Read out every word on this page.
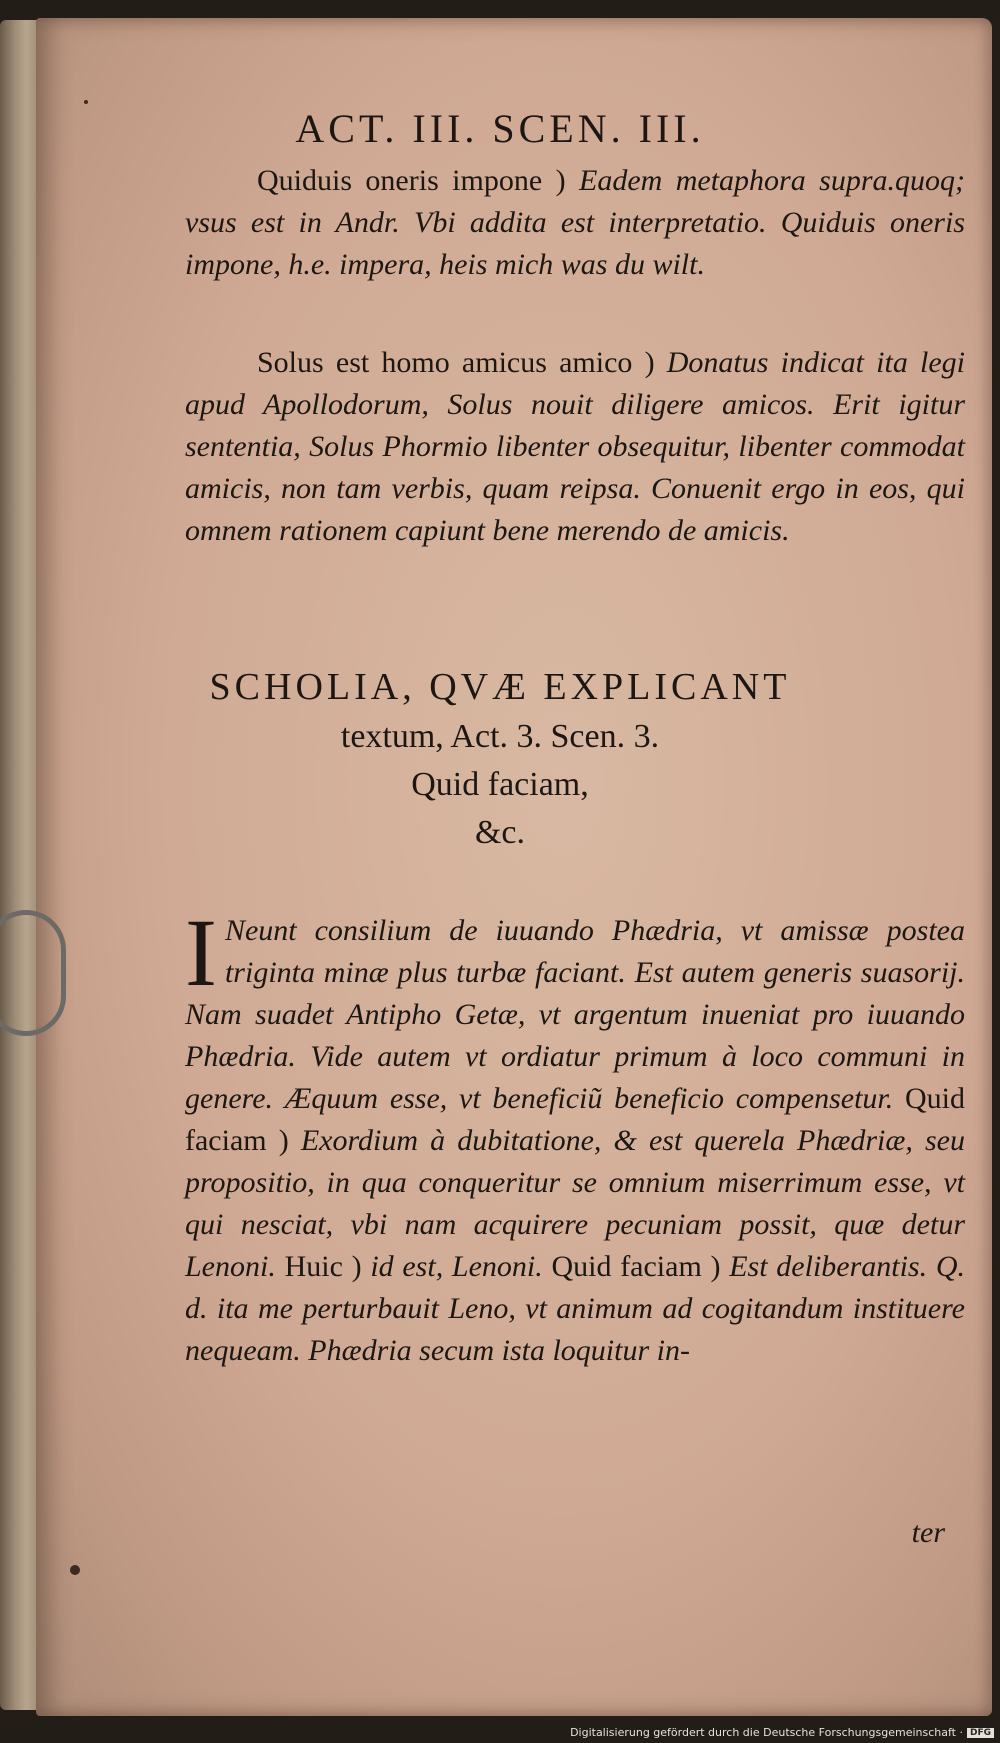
ACT. III. SCEN. III.

Quiduis oneris impone ) Eadem metaphora supra.quoq; vsus est in Andr. Vbi addita est interpretatio. Quiduis oneris impone, h.e. impera, heis mich was du wilt.

Solus est homo amicus amico ) Donatus indicat ita legi apud Apollodorum, Solus nouit diligere amicos. Erit igitur sententia, Solus Phormio libenter obsequitur, libenter commodat amicis, non tam verbis, quam reipsa. Conuenit ergo in eos, qui omnem rationem capiunt bene merendo de amicis.

SCHOLIA, QVÆ EXPLICANT
textum, Act. 3. Scen. 3.
Quid faciam,
&c.

I Neunt consilium de iuuando Phædria, vt amissæ postea triginta minæ plus turbæ faciant. Est autem generis suasorij. Nam suadet Antipho Getæ, vt argentum inueniat pro iuuando Phædria. Vide autem vt ordiatur primum à loco communi in genere. Æquum esse, vt beneficiũ beneficio compensetur. Quid faciam ) Exordium à dubitatione, & est querela Phædriæ, seu propositio, in qua conqueritur se omnium miserrimum esse, vt qui nesciat, vbi nam acquirere pecuniam possit, quæ detur Lenoni. Huic ) id est, Lenoni. Quid faciam ) Est deliberantis. Q. d. ita me perturbauit Leno, vt animum ad cogitandum instituere nequeam. Phædria secum ista loquitur in-

ter
Digitalisierung gefördert durch die Deutsche Forschungsgemeinschaft · DFG
